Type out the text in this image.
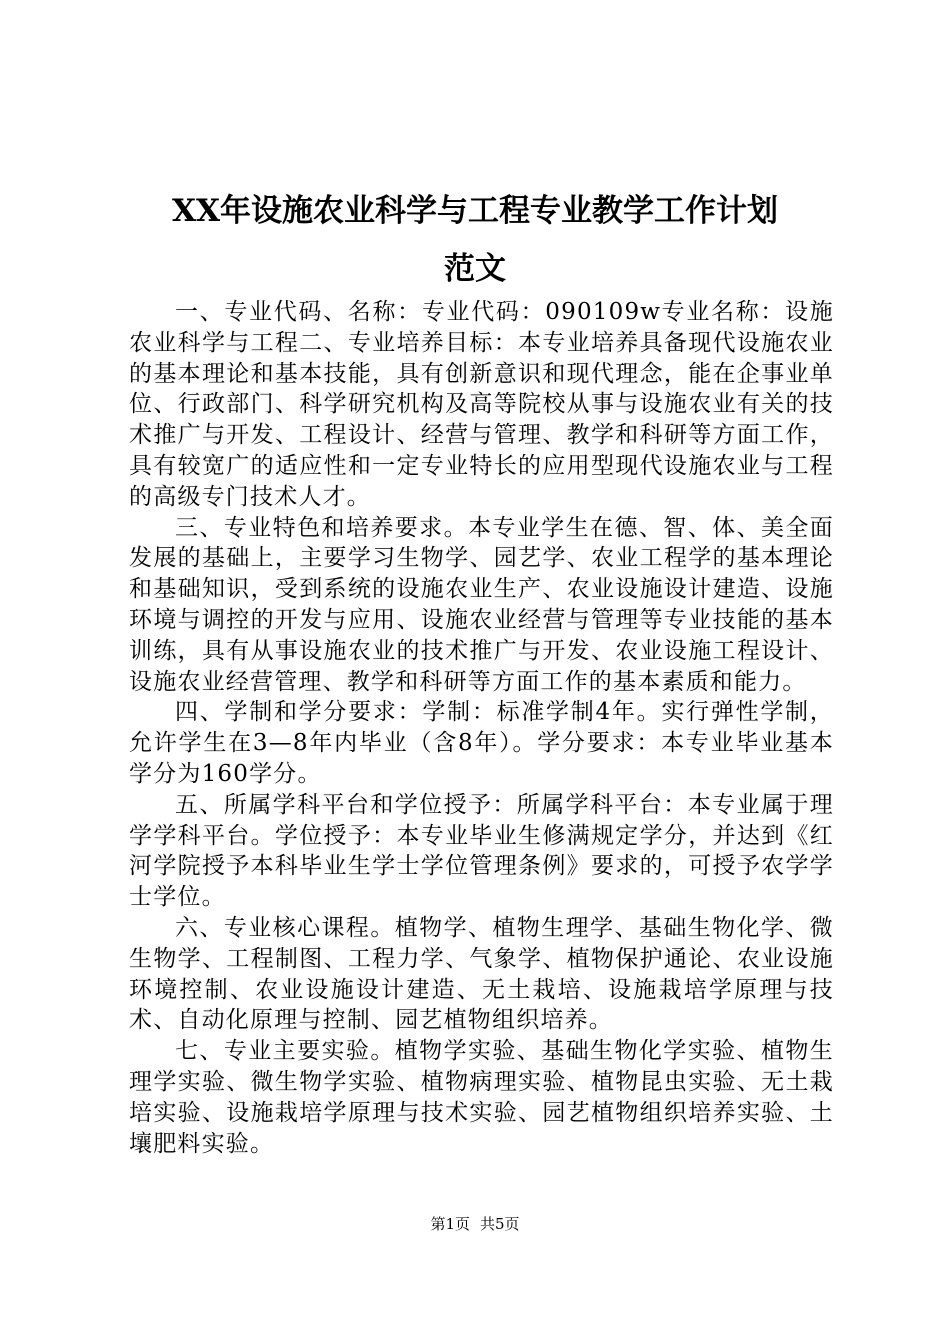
XX年设施农业科学与工程专业教学工作计划
范文

一、专业代码、名称：专业代码：090109w专业名称：设施农业科学与工程二、专业培养目标：本专业培养具备现代设施农业的基本理论和基本技能，具有创新意识和现代理念，能在企事业单位、行政部门、科学研究机构及高等院校从事与设施农业有关的技术推广与开发、工程设计、经营与管理、教学和科研等方面工作，具有较宽广的适应性和一定专业特长的应用型现代设施农业与工程的高级专门技术人才。

三、专业特色和培养要求。本专业学生在德、智、体、美全面发展的基础上，主要学习生物学、园艺学、农业工程学的基本理论和基础知识，受到系统的设施农业生产、农业设施设计建造、设施环境与调控的开发与应用、设施农业经营与管理等专业技能的基本训练，具有从事设施农业的技术推广与开发、农业设施工程设计、设施农业经营管理、教学和科研等方面工作的基本素质和能力。

四、学制和学分要求：学制：标准学制4年。实行弹性学制，允许学生在3—8年内毕业（含8年）。学分要求：本专业毕业基本学分为160学分。

五、所属学科平台和学位授予：所属学科平台：本专业属于理学学科平台。学位授予：本专业毕业生修满规定学分，并达到《红河学院授予本科毕业生学士学位管理条例》要求的，可授予农学学士学位。

六、专业核心课程。植物学、植物生理学、基础生物化学、微生物学、工程制图、工程力学、气象学、植物保护通论、农业设施环境控制、农业设施设计建造、无土栽培、设施栽培学原理与技术、自动化原理与控制、园艺植物组织培养。

七、专业主要实验。植物学实验、基础生物化学实验、植物生理学实验、微生物学实验、植物病理实验、植物昆虫实验、无土栽培实验、设施栽培学原理与技术实验、园艺植物组织培养实验、土壤肥料实验。

第1页 共5页
